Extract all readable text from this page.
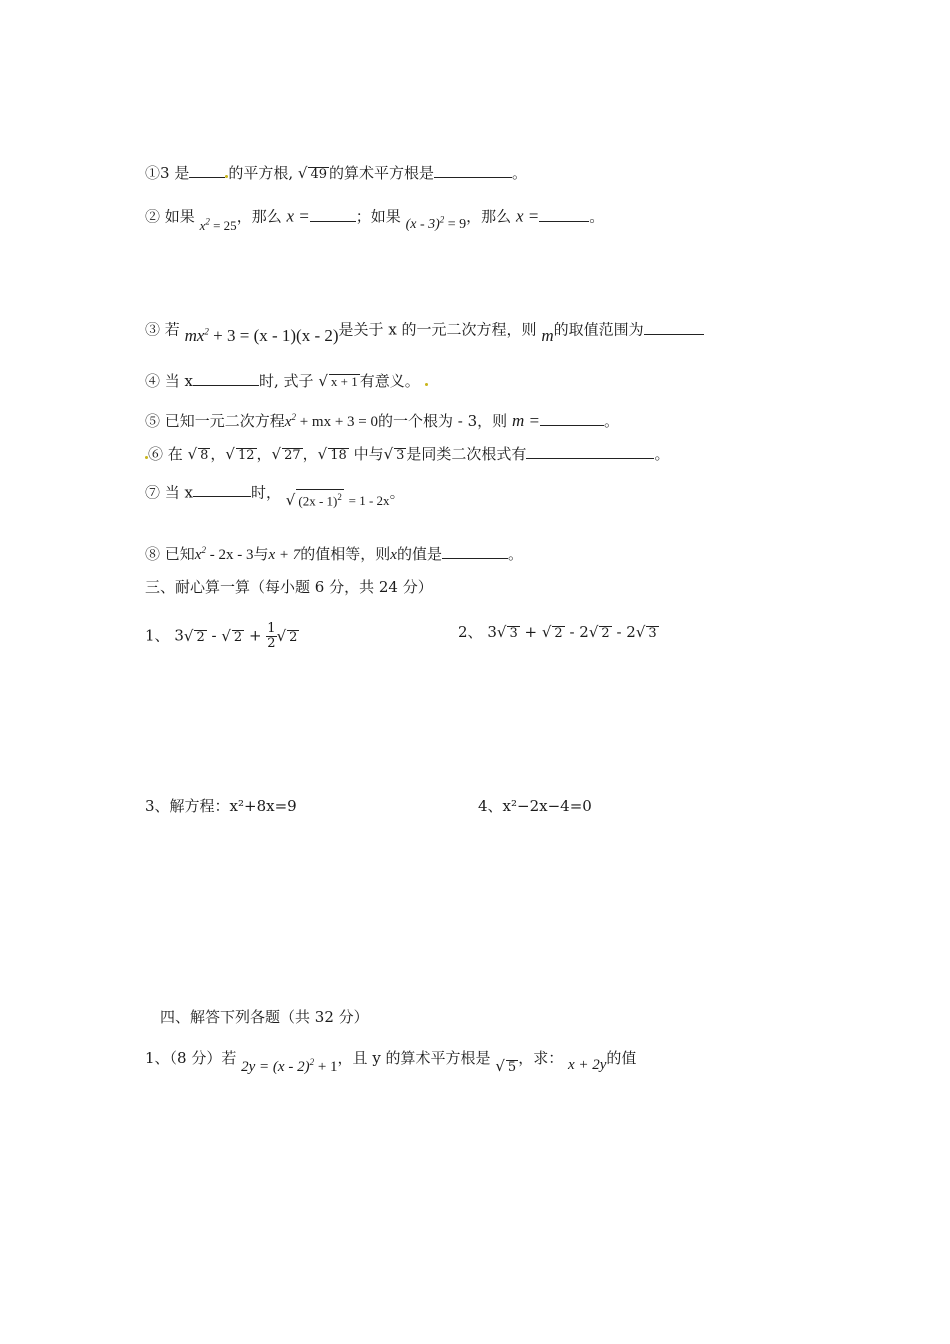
①3 是	的平方根, √ 49 的算术平方根是	。
② 如果 $x^2 = 25$，那么 x =	；如果 (x - 3)$^2$ = 9，那么 x =	。
③ 若 $mx^2 + 3 = (x - 1)(x - 2)$是关于 x 的一元二次方程，则 m的取值范围为
④ 当 x	时, 式子 √ x + 1 有意义。
⑤ 已知一元二次方程$x^2$ + mx + 3 = 0的一个根为 - 3，则 m =	。
⑥ 在 √ 8 ，√ 12 ，√ 27 ，√ 18 中与√ 3 是同类二次根式有	。
⑦ 当 x	时， √ (2x - 1)$^2$ = 1 - 2x。
⑧ 已知$x^2 - 2x - 3$与x + 7的值相等，则x的值是	。
三、耐心算一算（每小题 6 分，共 24 分）
1、 3√ 2 - √ $2 + \frac{1}{2}$ √ 2	2、 3√ 3 + √ 2 - 2√ 2 - 2√ 3
3、解方程：x²+8x=9	4、x²−2x−4=0
四、解答下列各题（共 32 分）
1、（8 分）若 2y = (x - 2)$^2$ + 1，且 y 的算术平方根是 √ 5，求： x + 2y的值
